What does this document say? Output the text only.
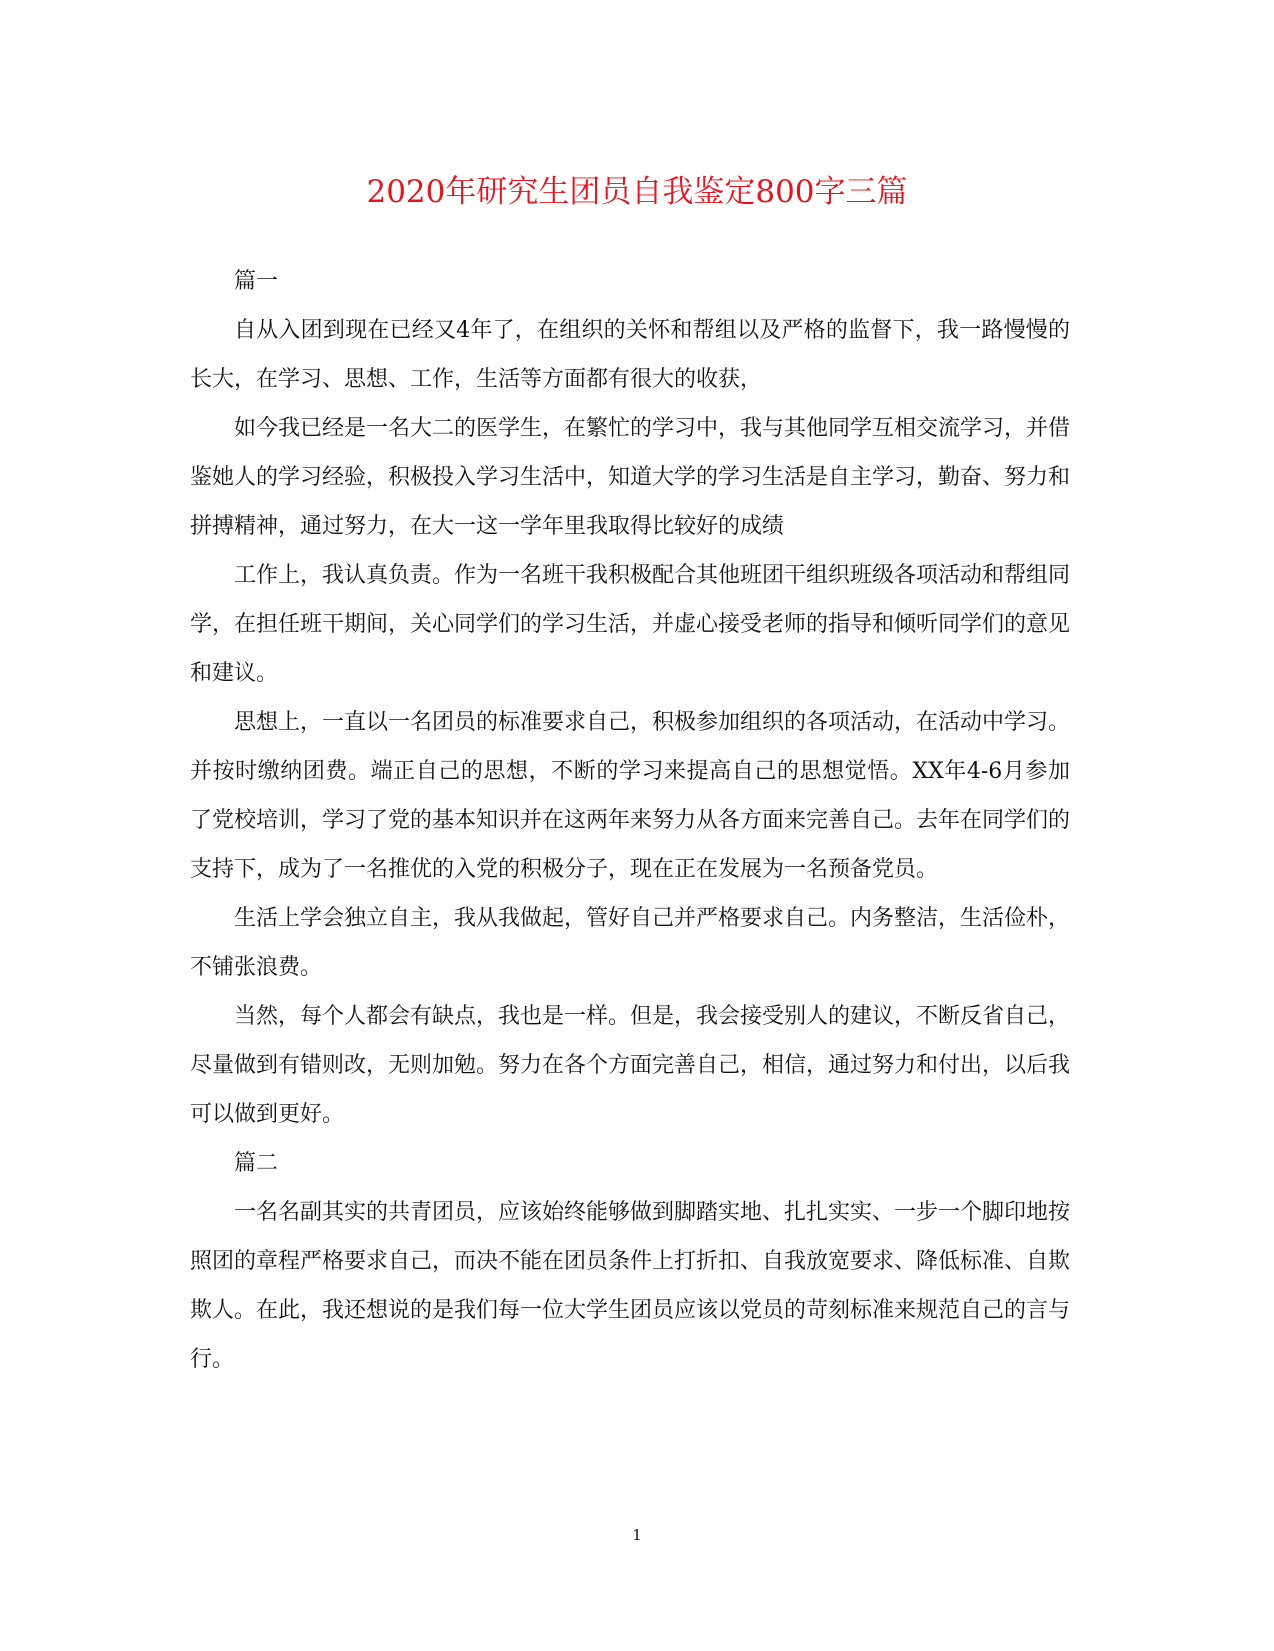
2020年研究生团员自我鉴定800字三篇

篇一

自从入团到现在已经又4年了，在组织的关怀和帮组以及严格的监督下，我一路慢慢的长大，在学习、思想、工作，生活等方面都有很大的收获，

如今我已经是一名大二的医学生，在繁忙的学习中，我与其他同学互相交流学习，并借鉴她人的学习经验，积极投入学习生活中，知道大学的学习生活是自主学习，勤奋、努力和拼搏精神，通过努力，在大一这一学年里我取得比较好的成绩

工作上，我认真负责。作为一名班干我积极配合其他班团干组织班级各项活动和帮组同学，在担任班干期间，关心同学们的学习生活，并虚心接受老师的指导和倾听同学们的意见和建议。

思想上，一直以一名团员的标准要求自己，积极参加组织的各项活动，在活动中学习。并按时缴纳团费。端正自己的思想，不断的学习来提高自己的思想觉悟。XX年4-6月参加了党校培训，学习了党的基本知识并在这两年来努力从各方面来完善自己。去年在同学们的支持下，成为了一名推优的入党的积极分子，现在正在发展为一名预备党员。

生活上学会独立自主，我从我做起，管好自己并严格要求自己。内务整洁，生活俭朴，不铺张浪费。

当然，每个人都会有缺点，我也是一样。但是，我会接受别人的建议，不断反省自己，尽量做到有错则改，无则加勉。努力在各个方面完善自己，相信，通过努力和付出，以后我可以做到更好。

篇二

一名名副其实的共青团员，应该始终能够做到脚踏实地、扎扎实实、一步一个脚印地按照团的章程严格要求自己，而决不能在团员条件上打折扣、自我放宽要求、降低标准、自欺欺人。在此，我还想说的是我们每一位大学生团员应该以党员的苛刻标准来规范自己的言与行。

1
